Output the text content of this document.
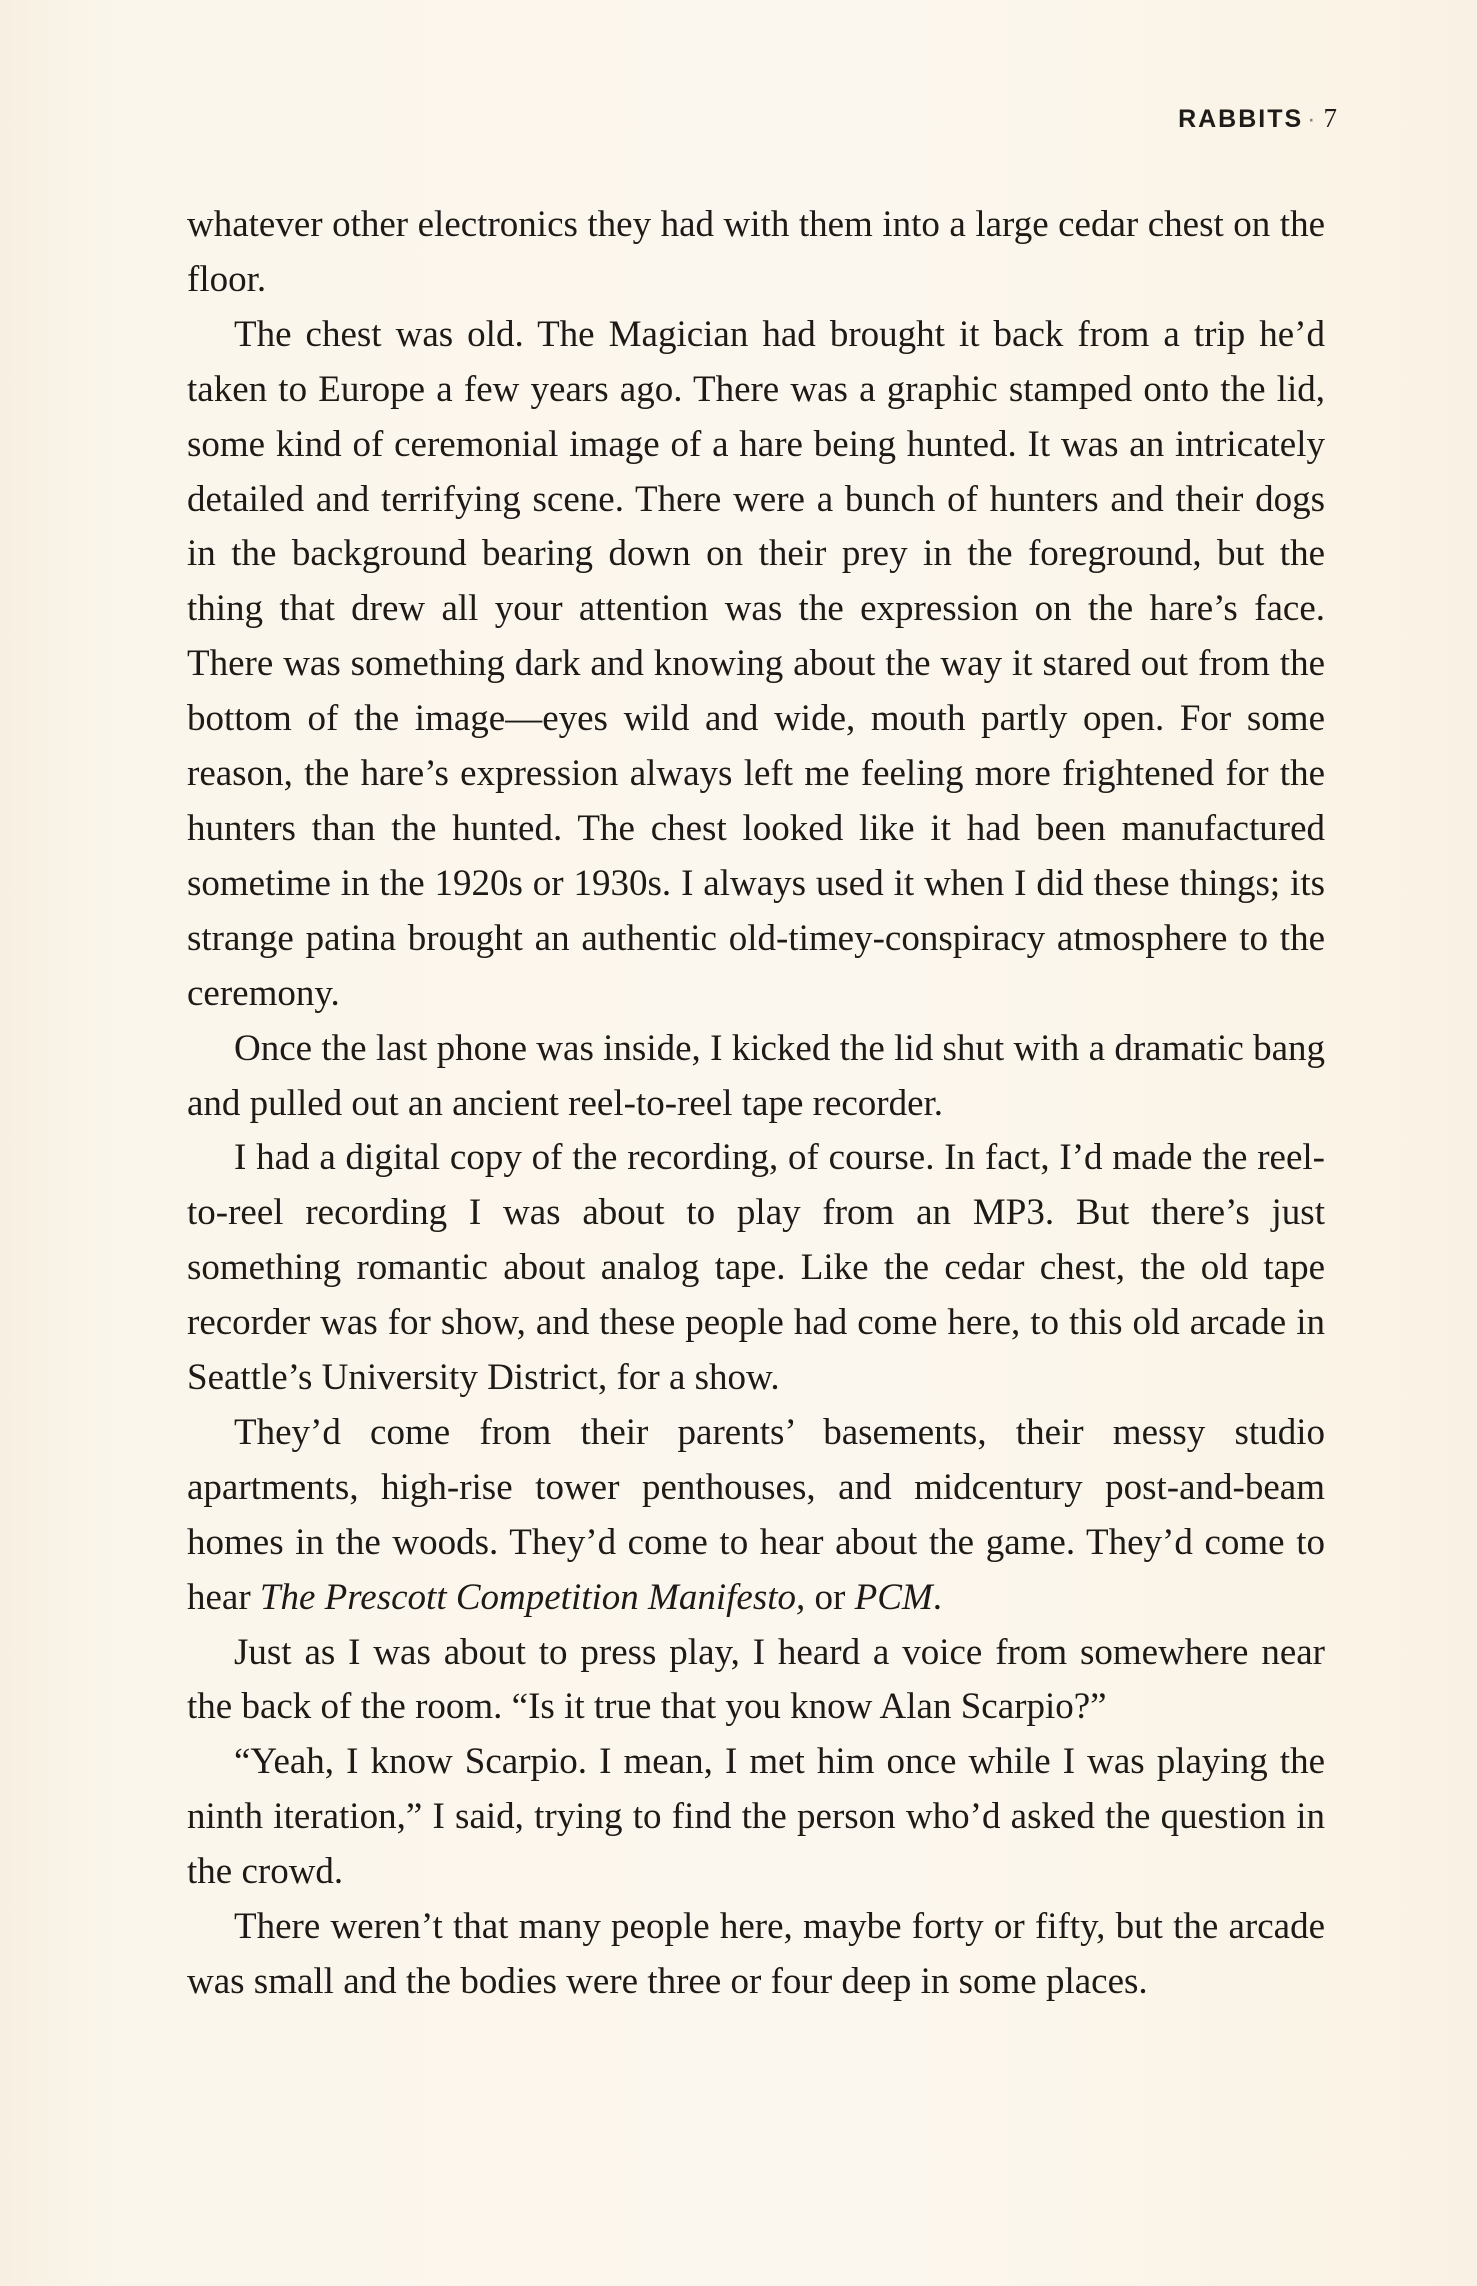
RABBITS · 7

whatever other electronics they had with them into a large cedar chest on the floor.

The chest was old. The Magician had brought it back from a trip he’d taken to Europe a few years ago. There was a graphic stamped onto the lid, some kind of ceremonial image of a hare being hunted. It was an intricately detailed and terrifying scene. There were a bunch of hunters and their dogs in the background bearing down on their prey in the foreground, but the thing that drew all your attention was the expression on the hare’s face. There was something dark and knowing about the way it stared out from the bottom of the image—eyes wild and wide, mouth partly open. For some reason, the hare’s expression always left me feeling more frightened for the hunters than the hunted. The chest looked like it had been manufactured sometime in the 1920s or 1930s. I always used it when I did these things; its strange patina brought an authentic old-timey-conspiracy atmosphere to the ceremony.

Once the last phone was inside, I kicked the lid shut with a dramatic bang and pulled out an ancient reel-to-reel tape recorder.

I had a digital copy of the recording, of course. In fact, I’d made the reel-to-reel recording I was about to play from an MP3. But there’s just something romantic about analog tape. Like the cedar chest, the old tape recorder was for show, and these people had come here, to this old arcade in Seattle’s University District, for a show.

They’d come from their parents’ basements, their messy studio apartments, high-rise tower penthouses, and midcentury post-and-beam homes in the woods. They’d come to hear about the game. They’d come to hear The Prescott Competition Manifesto, or PCM.

Just as I was about to press play, I heard a voice from somewhere near the back of the room. “Is it true that you know Alan Scarpio?”

“Yeah, I know Scarpio. I mean, I met him once while I was playing the ninth iteration,” I said, trying to find the person who’d asked the question in the crowd.

There weren’t that many people here, maybe forty or fifty, but the arcade was small and the bodies were three or four deep in some places.
